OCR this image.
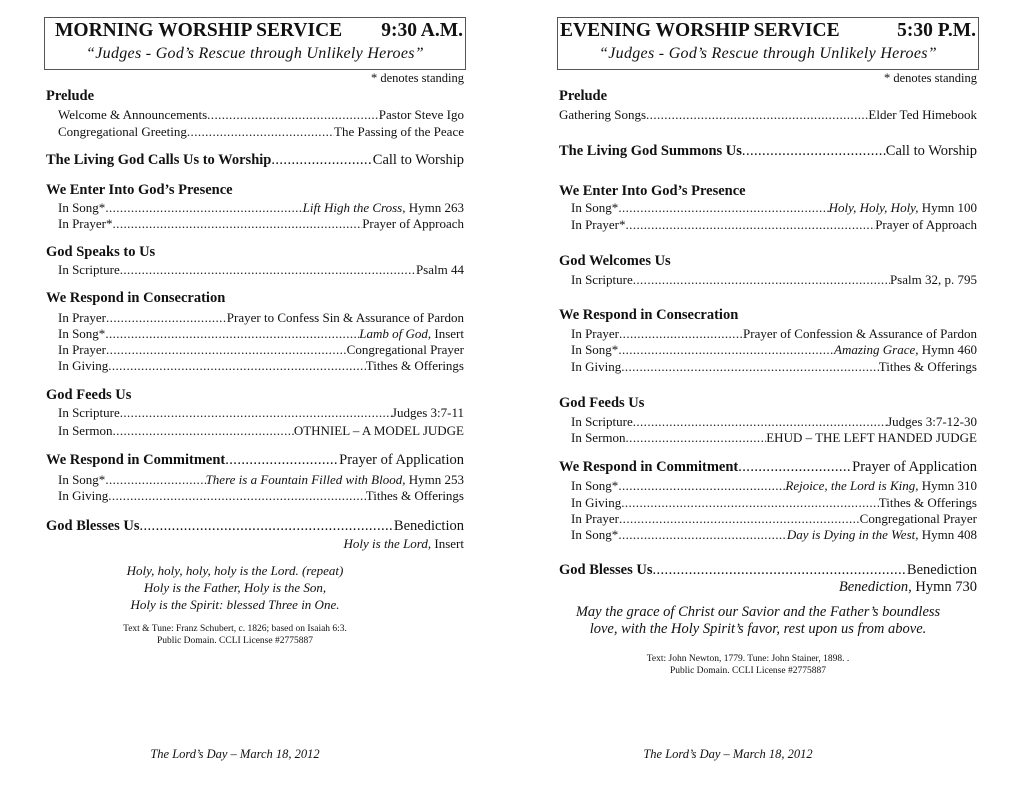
MORNING WORSHIP SERVICE	9:30 A.M.
“Judges - God’s Rescue through Unlikely Heroes”
* denotes standing
Prelude
Welcome & Announcements .....	Pastor Steve Igo
Congregational Greeting .....	The Passing of the Peace
The Living God Calls Us to Worship .....	Call to Worship
We Enter Into God’s Presence
In Song* .....	Lift High the Cross, Hymn 263
In Prayer* .....	Prayer of Approach
God Speaks to Us
In Scripture .....	Psalm 44
We Respond in Consecration
In Prayer .....	Prayer to Confess Sin & Assurance of Pardon
In Song* .....	Lamb of God, Insert
In Prayer .....	Congregational Prayer
In Giving .....	Tithes & Offerings
God Feeds Us
In Scripture .....	Judges 3:7-11
In Sermon .....	OTHNIEL – A MODEL JUDGE
We Respond in Commitment .....	Prayer of Application
In Song* .....	There is a Fountain Filled with Blood, Hymn 253
In Giving .....	Tithes & Offerings
God Blesses Us .....	Benediction
Holy is the Lord, Insert
Holy, holy, holy, holy is the Lord. (repeat)
Holy is the Father, Holy is the Son,
Holy is the Spirit: blessed Three in One.
Text & Tune: Franz Schubert, c. 1826; based on Isaiah 6:3.
Public Domain. CCLI License #2775887
The Lord’s Day – March 18, 2012
EVENING WORSHIP SERVICE	5:30 P.M.
“Judges - God’s Rescue through Unlikely Heroes”
* denotes standing
Prelude
Gathering Songs .....	Elder Ted Himebook
The Living God Summons Us .....	Call to Worship
We Enter Into God’s Presence
In Song* .....	Holy, Holy, Holy, Hymn 100
In Prayer* .....	Prayer of Approach
God Welcomes Us
In Scripture .....	Psalm 32, p. 795
We Respond in Consecration
In Prayer .....	Prayer of Confession & Assurance of Pardon
In Song* .....	Amazing Grace, Hymn 460
In Giving .....	Tithes & Offerings
God Feeds Us
In Scripture .....	Judges 3:7-12-30
In Sermon .....	EHUD – THE LEFT HANDED JUDGE
We Respond in Commitment .....	Prayer of Application
In Song* .....	Rejoice, the Lord is King, Hymn 310
In Giving .....	Tithes & Offerings
In Prayer .....	Congregational Prayer
In Song* .....	Day is Dying in the West, Hymn 408
God Blesses Us .....	Benediction
Benediction, Hymn 730
May the grace of Christ our Savior and the Father’s boundless
love, with the Holy Spirit’s favor, rest upon us from above.
Text: John Newton, 1779. Tune: John Stainer, 1898. .
Public Domain. CCLI License #2775887
The Lord’s Day – March 18, 2012
